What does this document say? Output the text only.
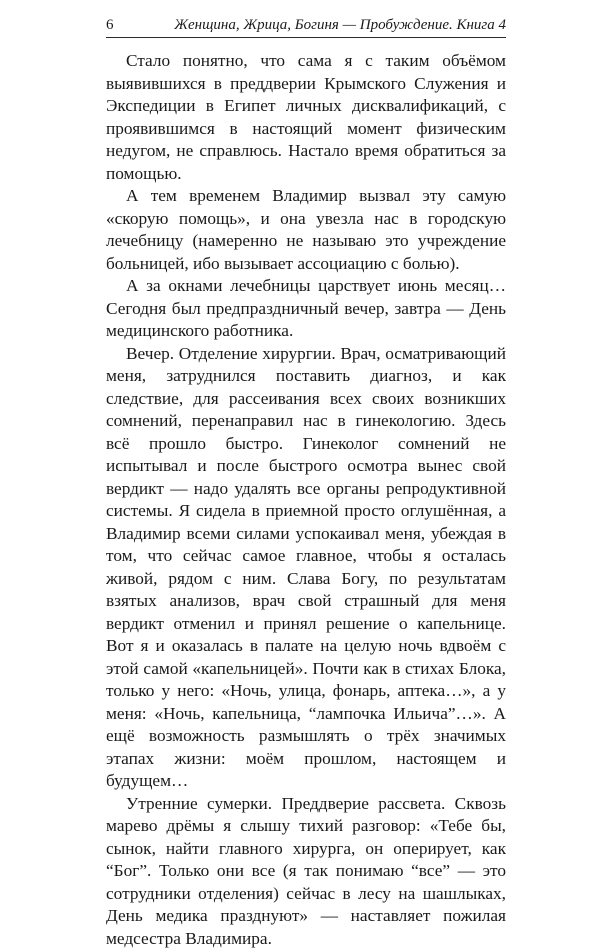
6	Женщина, Жрица, Богиня — Пробуждение. Книга 4

Стало понятно, что сама я с таким объёмом выявившихся в преддверии Крымского Служения и Экспедиции в Египет личных дисквалификаций, с проявившимся в настоящий момент физическим недугом, не справлюсь. Настало время обратиться за помощью.

А тем временем Владимир вызвал эту самую «скорую помощь», и она увезла нас в городскую лечебницу (намеренно не называю это учреждение больницей, ибо вызывает ассоциацию с болью).

А за окнами лечебницы царствует июнь месяц… Сегодня был предпраздничный вечер, завтра — День медицинского работника.

Вечер. Отделение хирургии. Врач, осматривающий меня, затруднился поставить диагноз, и как следствие, для рассеивания всех своих возникших сомнений, перенаправил нас в гинекологию. Здесь всё прошло быстро. Гинеколог сомнений не испытывал и после быстрого осмотра вынес свой вердикт — надо удалять все органы репродуктивной системы. Я сидела в приемной просто оглушённая, а Владимир всеми силами успокаивал меня, убеждая в том, что сейчас самое главное, чтобы я осталась живой, рядом с ним. Слава Богу, по результатам взятых анализов, врач свой страшный для меня вердикт отменил и принял решение о капельнице. Вот я и оказалась в палате на целую ночь вдвоём с этой самой «капельницей». Почти как в стихах Блока, только у него: «Ночь, улица, фонарь, аптека…», а у меня: «Ночь, капельница, “лампочка Ильича”…». А ещё возможность размышлять о трёх значимых этапах жизни: моём прошлом, настоящем и будущем…

Утренние сумерки. Преддверие рассвета. Сквозь марево дрёмы я слышу тихий разговор: «Тебе бы, сынок, найти главного хирурга, он оперирует, как “Бог”. Только они все (я так понимаю “все” — это сотрудники отделения) сейчас в лесу на шашлыках, День медика празднуют» — наставляет пожилая медсестра Владимира.
